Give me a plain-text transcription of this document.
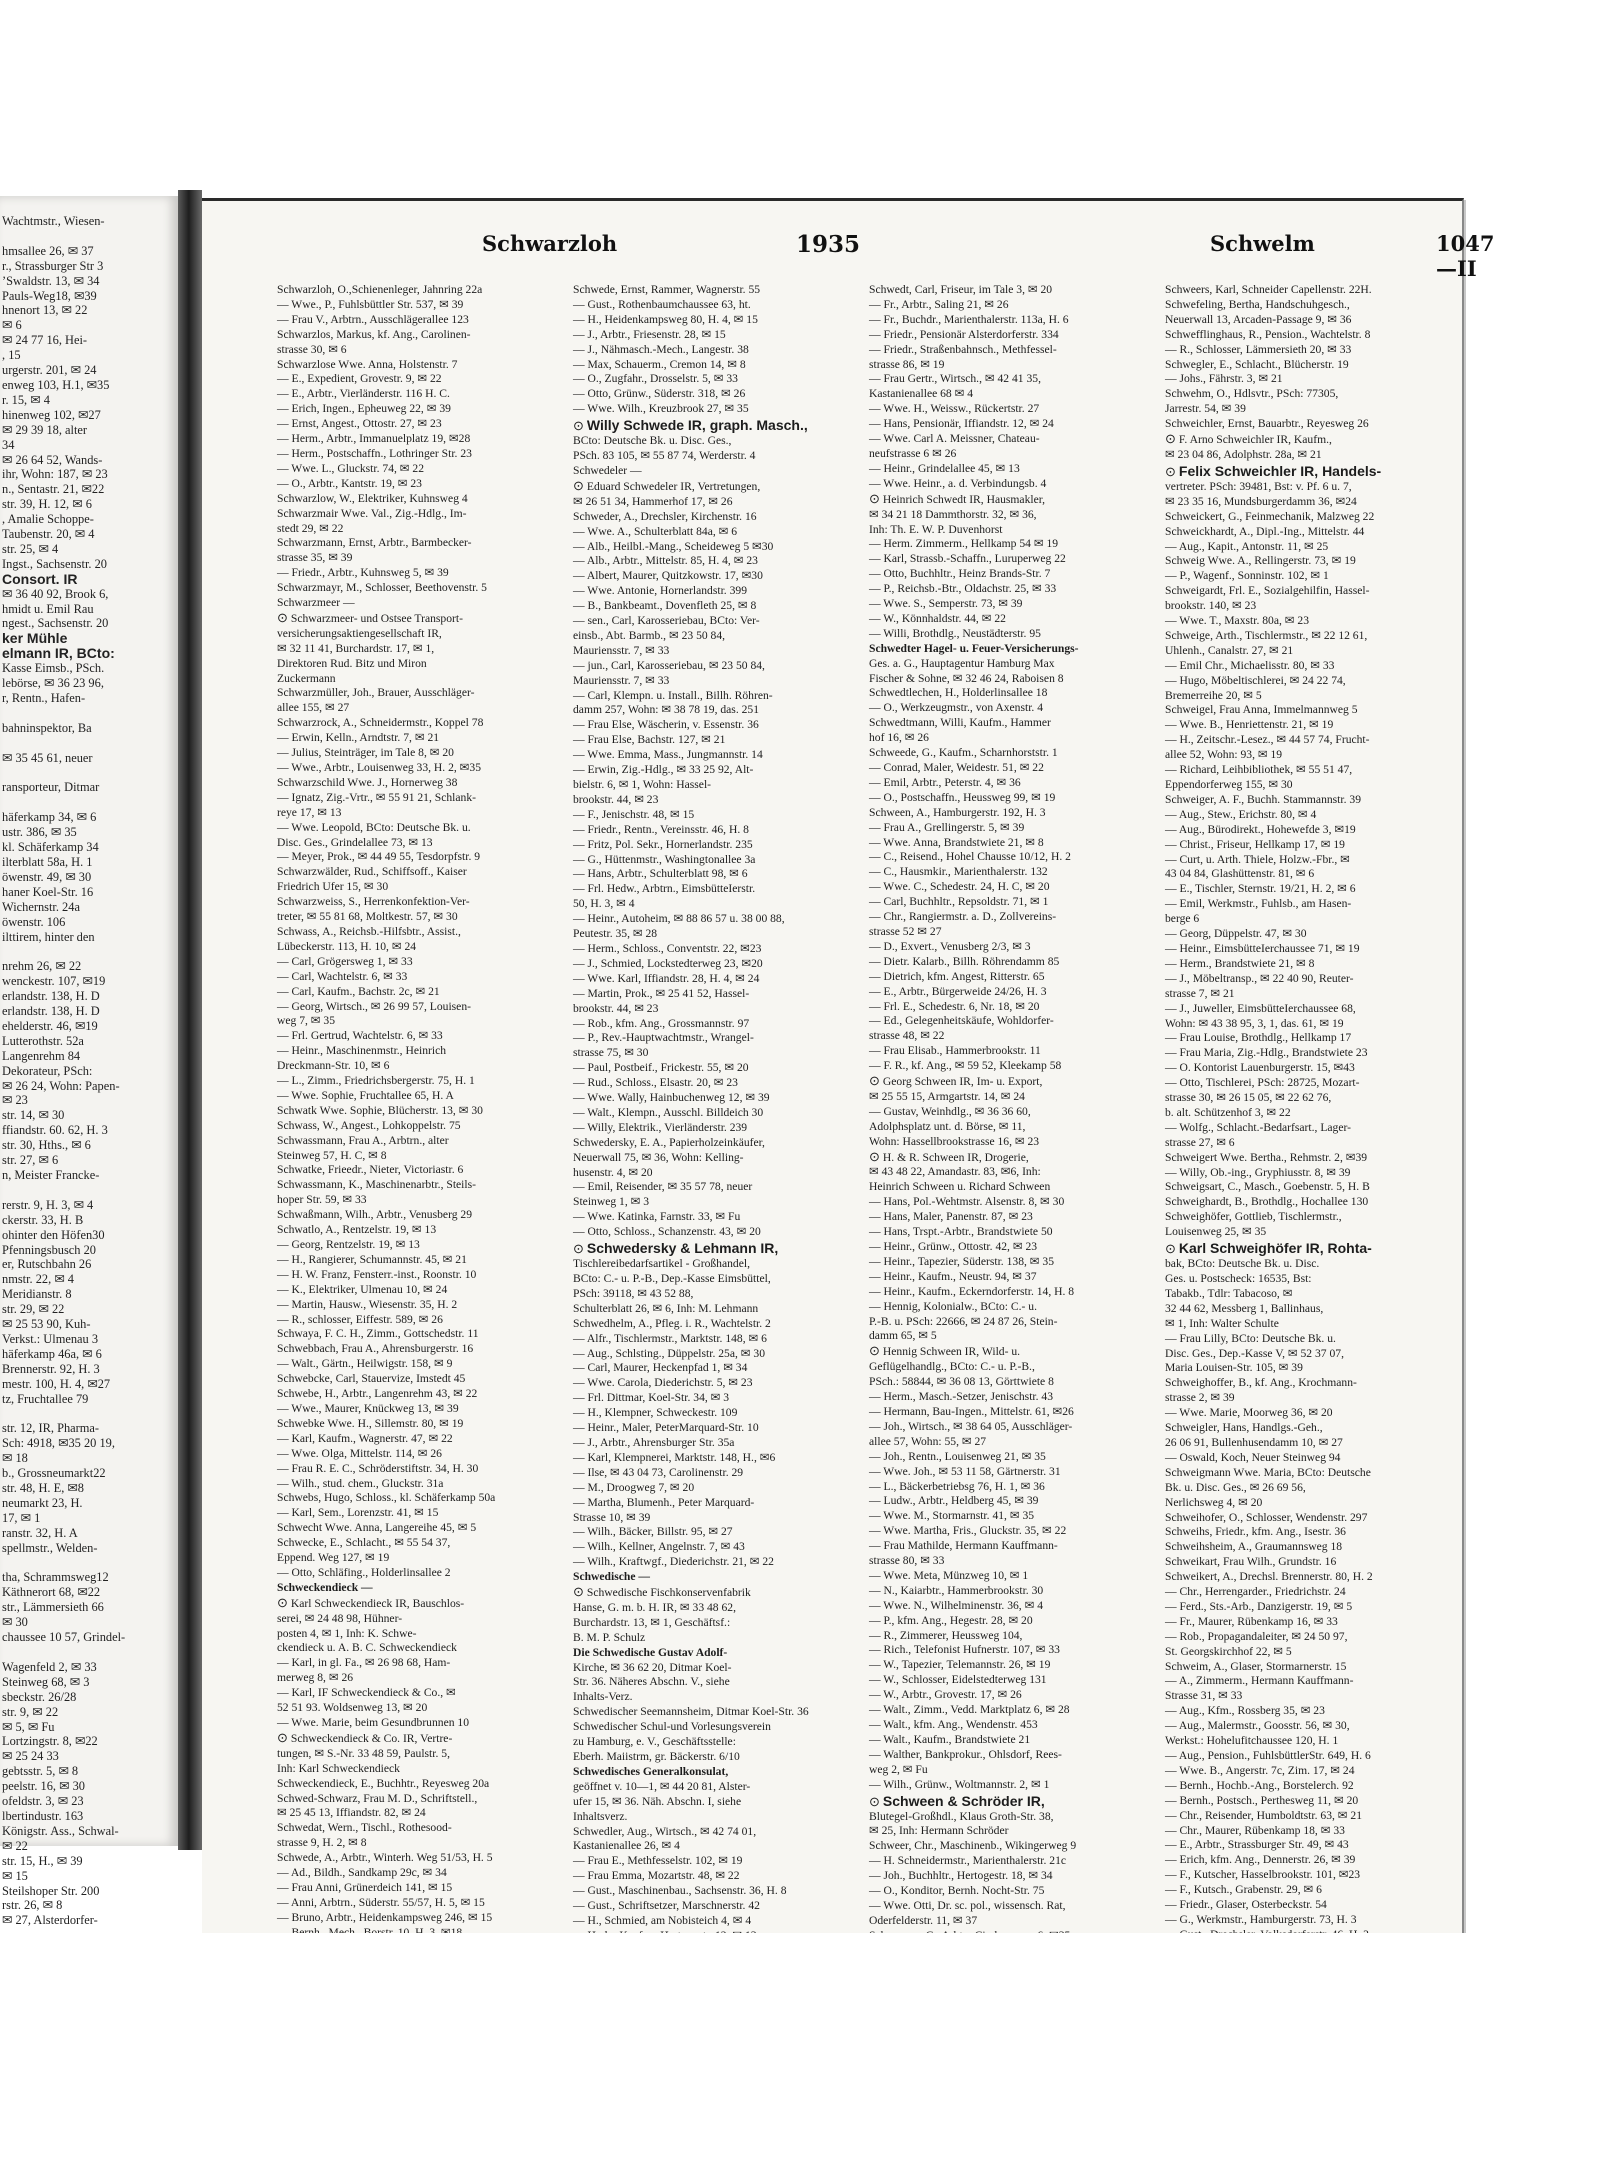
Wachtmstr., Wiesen-

hmsallee 26, ✉ 37
r., Strassburger Str 3
’Swaldstr. 13, ✉ 34
Pauls-Weg18, ✉39
hnenort 13, ✉ 22
✉ 6
✉ 24 77 16, Hei-
, 15
urgerstr. 201, ✉ 24
enweg 103, H.1, ✉35
r. 15, ✉ 4
hinenweg 102, ✉27
✉ 29 39 18, alter
34
✉ 26 64 52, Wands-
ihr, Wohn: 187, ✉ 23
n., Sentastr. 21, ✉22
str. 39, H. 12, ✉ 6
, Amalie Schoppe-
Taubenstr. 20, ✉ 4
str. 25, ✉ 4
Ingst., Sachsenstr. 20
Consort. IR
✉ 36 40 92, Brook 6,
hmidt u. Emil Rau
ngest., Sachsenstr. 20
ker Mühle
elmann IR, BCto:
Kasse Eimsb., PSch.
lebörse, ✉ 36 23 96,
r, Rentn., Hafen-

bahninspektor, Ba

✉ 35 45 61, neuer

ransporteur, Ditmar

häferkamp 34, ✉ 6
ustr. 386, ✉ 35
kl. Schäferkamp 34
ilterblatt 58a, H. 1
öwenstr. 49, ✉ 30
haner Koel-Str. 16
Wichernstr. 24a
öwenstr. 106
ilttirem, hinter den

nrehm 26, ✉ 22
wenckestr. 107, ✉19
erlandstr. 138, H. D
erlandstr. 138, H. D
ehelderstr. 46, ✉19
Lutterothstr. 52a
Langenrehm 84
Dekorateur, PSch:
✉ 26 24, Wohn: Papen-
✉ 23
str. 14, ✉ 30
ffiandstr. 60. 62, H. 3
str. 30, Hths., ✉ 6
str. 27, ✉ 6
n, Meister Francke-

rerstr. 9, H. 3, ✉ 4
ckerstr. 33, H. B
ohinter den Höfen30
Pfenningsbusch 20
er, Rutschbahn 26
nmstr. 22, ✉ 4
Meridianstr. 8
str. 29, ✉ 22
✉ 25 53 90, Kuh-
Verkst.: Ulmenau 3
häferkamp 46a, ✉ 6
Brennerstr. 92, H. 3
mestr. 100, H. 4, ✉27
tz, Fruchtallee 79

str. 12, IR, Pharma-
Sch: 4918, ✉35 20 19,
✉ 18
b., Grossneumarkt22
str. 48, H. E, ✉8
neumarkt 23, H.
17, ✉ 1
ranstr. 32, H. A
spellmstr., Welden-

tha, Schrammsweg12
Käthnerort 68, ✉22
str., Lämmersieth 66
✉ 30
chaussee 10 57, Grindel-

Wagenfeld 2, ✉ 33
Steinweg 68, ✉ 3
sbeckstr. 26/28
str. 9, ✉ 22
✉ 5, ✉ Fu
Lortzingstr. 8, ✉22
✉ 25 24 33
gebtsstr. 5, ✉ 8
peelstr. 16, ✉ 30
ofeldstr. 3, ✉ 23
lbertindustr. 163
Königstr. Ass., Schwal-
✉ 22
str. 15, H., ✉ 39
✉ 15
Steilshoper Str. 200
rstr. 26, ✉ 8
✉ 27, Alsterdorfer-
Schwarzloh	1935	Schwelm	1047—II
Schwarzloh, O.,Schienenleger, Jahnring 22a
— Wwe., P., Fuhlsbüttler Str. 537, ✉ 39
— Frau V., Arbtrn., Ausschlägerallee 123
Schwarzlos, Markus, kf. Ang., Carolinen-
strasse 30, ✉ 6
Schwarzlose Wwe. Anna, Holstenstr. 7
— E., Expedient, Grovestr. 9, ✉ 22
— E., Arbtr., Vierländerstr. 116 H. C.
— Erich, Ingen., Epheuweg 22, ✉ 39
— Ernst, Angest., Ottostr. 27, ✉ 23
— Herm., Arbtr., Immanuelplatz 19, ✉28
— Herm., Postschaffn., Lothringer Str. 23
— Wwe. L., Gluckstr. 74, ✉ 22
— O., Arbtr., Kantstr. 19, ✉ 23
Schwarzlow, W., Elektriker, Kuhnsweg 4
Schwarzmair Wwe. Val., Zig.-Hdlg., Im-
stedt 29, ✉ 22
Schwarzmann, Ernst, Arbtr., Barmbecker-
strasse 35, ✉ 39
— Friedr., Arbtr., Kuhnsweg 5, ✉ 39
Schwarzmayr, M., Schlosser, Beethovenstr. 5
Schwarzmeer —
⊙ Schwarzmeer- und Ostsee Transport-
versicherungsaktiengesellschaft IR,
✉ 32 11 41, Burchardstr. 17, ✉ 1,
Direktoren Rud. Bitz und Miron
Zuckermann
Schwarzmüller, Joh., Brauer, Ausschläger-
allee 155, ✉ 27
Schwarzrock, A., Schneidermstr., Koppel 78
— Erwin, Kelln., Arndtstr. 7, ✉ 21
— Julius, Steinträger, im Tale 8, ✉ 20
— Wwe., Arbtr., Louisenweg 33, H. 2, ✉35
Schwarzschild Wwe. J., Hornerweg 38
— Ignatz, Zig.-Vrtr., ✉ 55 91 21, Schlank-
reye 17, ✉ 13
— Wwe. Leopold, BCto: Deutsche Bk. u.
Disc. Ges., Grindelallee 73, ✉ 13
— Meyer, Prok., ✉ 44 49 55, Tesdorpfstr. 9
Schwarzwälder, Rud., Schiffsoff., Kaiser
Friedrich Ufer 15, ✉ 30
Schwarzweiss, S., Herrenkonfektion-Ver-
treter, ✉ 55 81 68, Moltkestr. 57, ✉ 30
Schwass, A., Reichsb.-Hilfsbtr., Assist.,
Lübeckerstr. 113, H. 10, ✉ 24
— Carl, Grögersweg 1, ✉ 33
— Carl, Wachtelstr. 6, ✉ 33
— Carl, Kaufm., Bachstr. 2c, ✉ 21
— Georg, Wirtsch., ✉ 26 99 57, Louisen-
weg 7, ✉ 35
— Frl. Gertrud, Wachtelstr. 6, ✉ 33
— Heinr., Maschinenmstr., Heinrich
Dreckmann-Str. 10, ✉ 6
— L., Zimm., Friedrichsbergerstr. 75, H. 1
— Wwe. Sophie, Fruchtallee 65, H. A
Schwatk Wwe. Sophie, Blücherstr. 13, ✉ 30
Schwass, W., Angest., Lohkoppelstr. 75
Schwassmann, Frau A., Arbtrn., alter
Steinweg 57, H. C, ✉ 8
Schwatke, Frieedr., Nieter, Victoriastr. 6
Schwassmann, K., Maschinenarbtr., Steils-
hoper Str. 59, ✉ 33
Schwaßmann, Wilh., Arbtr., Venusberg 29
Schwatlo, A., Rentzelstr. 19, ✉ 13
— Georg, Rentzelstr. 19, ✉ 13
— H., Rangierer, Schumannstr. 45, ✉ 21
— H. W. Franz, Fensterr.-inst., Roonstr. 10
— K., Elektriker, Ulmenau 10, ✉ 24
— Martin, Hausw., Wiesenstr. 35, H. 2
— R., schlosser, Eiffestr. 589, ✉ 26
Schwaya, F. C. H., Zimm., Gottschedstr. 11
Schwebbach, Frau A., Ahrensburgerstr. 16
— Walt., Gärtn., Heilwigstr. 158, ✉ 9
Schwebcke, Carl, Stauervize, Imstedt 45
Schwebe, H., Arbtr., Langenrehm 43, ✉ 22
— Wwe., Maurer, Knückweg 13, ✉ 39
Schwebke Wwe. H., Sillemstr. 80, ✉ 19
— Karl, Kaufm., Wagnerstr. 47, ✉ 22
— Wwe. Olga, Mittelstr. 114, ✉ 26
— Frau R. E. C., Schröderstiftstr. 34, H. 30
— Wilh., stud. chem., Gluckstr. 31a
Schwebs, Hugo, Schloss., kl. Schäferkamp 50a
— Karl, Sem., Lorenzstr. 41, ✉ 15
Schwecht Wwe. Anna, Langereihe 45, ✉ 5
Schwecke, E., Schlacht., ✉ 55 54 37,
Eppend. Weg 127, ✉ 19
— Otto, Schläfing., Holderlinsallee 2
Schweckendieck —
⊙ Karl Schweckendieck IR, Bauschlos-
serei, ✉ 24 48 98, Hühner-
posten 4, ✉ 1, Inh: K. Schwe-
ckendieck u. A. B. C. Schweckendieck
— Karl, in gl. Fa., ✉ 26 98 68, Ham-
merweg 8, ✉ 26
— Karl, IF Schweckendieck & Co., ✉
52 51 93. Woldsenweg 13, ✉ 20
— Wwe. Marie, beim Gesundbrunnen 10
⊙ Schweckendieck & Co. IR, Vertre-
tungen, ✉ S.-Nr. 33 48 59, Paulstr. 5,
Inh: Karl Schweckendieck
Schweckendieck, E., Buchhtr., Reyesweg 20a
Schwed-Schwarz, Frau M. D., Schriftstell.,
✉ 25 45 13, Iffiandstr. 82, ✉ 24
Schwedat, Wern., Tischl., Rothesood-
strasse 9, H. 2, ✉ 8
Schwede, A., Arbtr., Winterh. Weg 51/53, H. 5
— Ad., Bildh., Sandkamp 29c, ✉ 34
— Frau Anni, Grünerdeich 141, ✉ 15
— Anni, Arbtrn., Süderstr. 55/57, H. 5, ✉ 15
— Bruno, Arbtr., Heidenkampsweg 246, ✉ 15
Schwede, Ernst, Rammer, Wagnerstr. 55
— Gust., Rothenbaumchaussee 63, ht.
— H., Heidenkampsweg 80, H. 4, ✉ 15
— J., Arbtr., Friesenstr. 28, ✉ 15
— J., Nähmasch.-Mech., Langestr. 38
— Max, Schauerm., Cremon 14, ✉ 8
— O., Zugfahr., Drosselstr. 5, ✉ 33
— Otto, Grünw., Süderstr. 318, ✉ 26
— Wwe. Wilh., Kreuzbrook 27, ✉ 35
⊙ Willy Schwede IR, graph. Masch.,
BCto: Deutsche Bk. u. Disc. Ges.,
PSch. 83 105, ✉ 55 87 74, Werderstr. 4
Schwedeler —
⊙ Eduard Schwedeler IR, Vertretungen,
✉ 26 51 34, Hammerhof 17, ✉ 26
Schweder, A., Drechsler, Kirchenstr. 16
— Wwe. A., Schulterblatt 84a, ✉ 6
— Alb., Heilbl.-Mang., Scheideweg 5 ✉30
— Alb., Arbtr., Mittelstr. 85, H. 4, ✉ 23
— Albert, Maurer, Quitzkowstr. 17, ✉30
— Wwe. Antonie, Hornerlandstr. 399
— B., Bankbeamt., Dovenfleth 25, ✉ 8
— sen., Carl, Karosseriebau, BCto: Ver-
einsb., Abt. Barmb., ✉ 23 50 84,
Mauriensstr. 7, ✉ 33
— jun., Carl, Karosseriebau, ✉ 23 50 84,
Mauriensstr. 7, ✉ 33
— Carl, Klempn. u. Install., Billh. Röhren-
damm 257, Wohn: ✉ 38 78 19, das. 251
— Frau Else, Wäscherin, v. Essenstr. 36
— Frau Else, Bachstr. 127, ✉ 21
— Wwe. Emma, Mass., Jungmannstr. 14
— Erwin, Zig.-Hdlg., ✉ 33 25 92, Alt-
bielstr. 6, ✉ 1, Wohn: Hassel-
brookstr. 44, ✉ 23
— F., Jenischstr. 48, ✉ 15
— Friedr., Rentn., Vereinsstr. 46, H. 8
— Fritz, Pol. Sekr., Hornerlandstr. 235
— G., Hüttenmstr., Washingtonallee 3a
— Hans, Arbtr., Schulterblatt 98, ✉ 6
— Frl. Hedw., Arbtrn., EimsbütteIerstr.
50, H. 3, ✉ 4
— Heinr., Autoheim, ✉ 88 86 57 u. 38 00 88,
Peutestr. 35, ✉ 28
— Herm., Schloss., Conventstr. 22, ✉23
— J., Schmied, Lockstedterweg 23, ✉20
— Wwe. Karl, Iffiandstr. 28, H. 4, ✉ 24
— Martin, Prok., ✉ 25 41 52, Hassel-
brookstr. 44, ✉ 23
— Rob., kfm. Ang., Grossmannstr. 97
— P., Rev.-Hauptwachtmstr., Wrangel-
strasse 75, ✉ 30
— Paul, Postbeif., Frickestr. 55, ✉ 20
— Rud., Schloss., Elsastr. 20, ✉ 23
— Wwe. Wally, Hainbuchenweg 12, ✉ 39
— Walt., Klempn., Ausschl. Billdeich 30
— Willy, Elektrik., Vierländerstr. 239
Schwedersky, E. A., Papierholzeinkäufer,
Neuerwall 75, ✉ 36, Wohn: Kelling-
husenstr. 4, ✉ 20
— Emil, Reisender, ✉ 35 57 78, neuer
Steinweg 1, ✉ 3
— Wwe. Katinka, Farnstr. 33, ✉ Fu
— Otto, Schloss., Schanzenstr. 43, ✉ 20
⊙ Schwedersky & Lehmann IR,
Tischlereibedarfsartikel - Großhandel,
BCto: C.- u. P.-B., Dep.-Kasse Eimsbüttel,
PSch: 39118, ✉ 43 52 88,
Schulterblatt 26, ✉ 6, Inh: M. Lehmann
Schwedhelm, A., Pfleg. i. R., Wachtelstr. 2
— Alfr., Tischlermstr., Marktstr. 148, ✉ 6
— Aug., Schlsting., Düppelstr. 25a, ✉ 30
— Carl, Maurer, Heckenpfad 1, ✉ 34
— Wwe. Carola, Diederichstr. 5, ✉ 23
— Frl. Dittmar, Koel-Str. 34, ✉ 3
— H., Klempner, Schweckestr. 109
— Heinr., Maler, PeterMarquard-Str. 10
— J., Arbtr., Ahrensburger Str. 35a
— Karl, Klempnerei, Marktstr. 148, H., ✉6
— Ilse, ✉ 43 04 73, Carolinenstr. 29
— M., Droogweg 7, ✉ 20
— Martha, Blumenh., Peter Marquard-
Strasse 10, ✉ 39
— Wilh., Bäcker, Billstr. 95, ✉ 27
— Wilh., Kellner, Angelnstr. 7, ✉ 43
— Wilh., Kraftwgf., Diederichstr. 21, ✉ 22
Schwedische —
⊙ Schwedische Fischkonservenfabrik
Hanse, G. m. b. H. IR, ✉ 33 48 62,
Burchardstr. 13, ✉ 1, Geschäftsf.:
B. M. P. Schulz
Die Schwedische Gustav Adolf-
Kirche, ✉ 36 62 20, Ditmar Koel-
Str. 36. Näheres Abschn. V., siehe
Inhalts-Verz.
Schwedischer Seemannsheim, Ditmar Koel-Str. 36
Schwedischer Schul-und Vorlesungsverein
zu Hamburg, e. V., Geschäftsstelle:
Eberh. Maiistrm, gr. Bäckerstr. 6/10
Schwedisches Generalkonsulat,
geöffnet v. 10—1, ✉ 44 20 81, Alster-
ufer 15, ✉ 36. Näh. Abschn. I, siehe
Inhaltsverz.
Schwedler, Aug., Wirtsch., ✉ 42 74 01,
Kastanienallee 26, ✉ 4
— Frau E., Methfesselstr. 102, ✉ 19
— Frau Emma, Mozartstr. 48, ✉ 22
— Gust., Maschinenbau., Sachsenstr. 36, H. 8
— Gust., Schriftsetzer, Marschnerstr. 42
— H., Schmied, am Nobisteich 4, ✉ 4
Schwedt, Carl, Friseur, im Tale 3, ✉ 20
— Fr., Arbtr., Saling 21, ✉ 26
— Fr., Buchdr., Marienthalerstr. 113a, H. 6
— Friedr., Pensionär Alsterdorferstr. 334
— Friedr., Straßenbahnsch., Methfessel-
strasse 86, ✉ 19
— Frau Gertr., Wirtsch., ✉ 42 41 35,
Kastanienallee 68 ✉ 4
— Wwe. H., Weissw., Rückertstr. 27
— Hans, Pensionär, Iffiandstr. 12, ✉ 24
— Wwe. Carl A. Meissner, Chateau-
neufstrasse 6 ✉ 26
— Heinr., Grindelallee 45, ✉ 13
— Wwe. Heinr., a. d. Verbindungsb. 4
⊙ Heinrich Schwedt IR, Hausmakler,
✉ 34 21 18 Dammthorstr. 32, ✉ 36,
Inh: Th. E. W. P. Duvenhorst
— Herm. Zimmerm., Hellkamp 54 ✉ 19
— Karl, Strassb.-Schaffn., Luruperweg 22
— Otto, Buchhltr., Heinz Brands-Str. 7
— P., Reichsb.-Btr., Oldachstr. 25, ✉ 33
— Wwe. S., Semperstr. 73, ✉ 39
— W., Könnhaldstr. 44, ✉ 22
— Willi, Brothdlg., Neustädterstr. 95
Schwedter Hagel- u. Feuer-Versicherungs-
Ges. a. G., Hauptagentur Hamburg Max
Fischer & Sohne, ✉ 32 46 24, Raboisen 8
Schwedtlechen, H., Holderlinsallee 18
— O., Werkzeugmstr., von Axenstr. 4
Schwedtmann, Willi, Kaufm., Hammer
hof 16, ✉ 26
Schweede, G., Kaufm., Scharnhorststr. 1
— Conrad, Maler, Weidestr. 51, ✉ 22
— Emil, Arbtr., Peterstr. 4, ✉ 36
— O., Postschaffn., Heussweg 99, ✉ 19
Schween, A., Hamburgerstr. 192, H. 3
— Frau A., Grellingerstr. 5, ✉ 39
— Wwe. Anna, Brandstwiete 21, ✉ 8
— C., Reisend., Hohel Chausse 10/12, H. 2
— C., Hausmkir., Marienthalerstr. 132
— Wwe. C., Schedestr. 24, H. C, ✉ 20
— Carl, Buchhltr., Repsoldstr. 71, ✉ 1
— Chr., Rangiermstr. a. D., Zollvereins-
strasse 52 ✉ 27
— D., Exvert., Venusberg 2/3, ✉ 3
— Dietr. Kalarb., Billh. Röhrendamm 85
— Dietrich, kfm. Angest, Ritterstr. 65
— E., Arbtr., Bürgerweide 24/26, H. 3
— Frl. E., Schedestr. 6, Nr. 18, ✉ 20
— Ed., Gelegenheitskäufe, Wohldorfer-
strasse 48, ✉ 22
— Frau Elisab., Hammerbrookstr. 11
— F. R., kf. Ang., ✉ 59 52, Kleekamp 58
⊙ Georg Schween IR, Im- u. Export,
✉ 25 55 15, Armgartstr. 14, ✉ 24
— Gustav, Weinhdlg., ✉ 36 36 60,
Adolphsplatz unt. d. Börse, ✉ 11,
Wohn: Hassellbrookstrasse 16, ✉ 23
⊙ H. & R. Schween IR, Drogerie,
✉ 43 48 22, Amandastr. 83, ✉6, Inh:
Heinrich Schween u. Richard Schween
— Hans, Pol.-Wehtmstr. Alsenstr. 8, ✉ 30
— Hans, Maler, Panenstr. 87, ✉ 23
— Hans, Trspt.-Arbtr., Brandstwiete 50
— Heinr., Grünw., Ottostr. 42, ✉ 23
— Heinr., Tapezier, Süderstr. 138, ✉ 35
— Heinr., Kaufm., Neustr. 94, ✉ 37
— Heinr., Kaufm., Eckerndorferstr. 14, H. 8
— Hennig, Kolonialw., BCto: C.- u.
P.-B. u. PSch: 22666, ✉ 24 87 26, Stein-
damm 65, ✉ 5
⊙ Hennig Schween IR, Wild- u.
Geflügelhandlg., BCto: C.- u. P.-B.,
PSch.: 58844, ✉ 36 08 13, Görttwiete 8
— Herm., Masch.-Setzer, Jenischstr. 43
— Hermann, Bau-Ingen., Mittelstr. 61, ✉26
— Joh., Wirtsch., ✉ 38 64 05, Ausschläger-
allee 57, Wohn: 55, ✉ 27
— Joh., Rentn., Louisenweg 21, ✉ 35
— Wwe. Joh., ✉ 53 11 58, Gärtnerstr. 31
— L., Bäckerbetriebsg 76, H. 1, ✉ 36
— Ludw., Arbtr., Heldberg 45, ✉ 39
— Wwe. M., Stormarnstr. 41, ✉ 35
— Wwe. Martha, Fris., Gluckstr. 35, ✉ 22
— Frau Mathilde, Hermann Kauffmann-
strasse 80, ✉ 33
— Wwe. Meta, Münzweg 10, ✉ 1
— N., Kaiarbtr., Hammerbrookstr. 30
— Wwe. N., Wilhelminenstr. 36, ✉ 4
— P., kfm. Ang., Hegestr. 28, ✉ 20
— R., Zimmerer, Heussweg 104,
— Rich., Telefonist Hufnerstr. 107, ✉ 33
— W., Tapezier, Telemannstr. 26, ✉ 19
— W., Schlosser, Eidelstedterweg 131
— W., Arbtr., Grovestr. 17, ✉ 26
— Walt., Zimm., Vedd. Marktplatz 6, ✉ 28
— Walt., kfm. Ang., Wendenstr. 453
— Walt., Kaufm., Brandstwiete 21
— Walther, Bankprokur., Ohlsdorf, Rees-
weg 2, ✉ Fu
— Wilh., Grünw., Woltmannstr. 2, ✉ 1
⊙ Schween & Schröder IR,
Blutegel-Großhdl., Klaus Groth-Str. 38,
✉ 25, Inh: Hermann Schröder
Schweer, Chr., Maschinenb., Wikingerweg 9
— H. Schneidermstr., Marienthalerstr. 21c
— Joh., Buchhltr., Hertogestr. 18, ✉ 34
— O., Konditor, Bernh. Nocht-Str. 75
— Wwe. Otti, Dr. sc. pol., wissensch. Rat,
Oderfelderstr. 11, ✉ 37
Schweers, Karl, Schneider Capellenstr. 22H.
Schwefeling, Bertha, Handschuhgesch.,
Neuerwall 13, Arcaden-Passage 9, ✉ 36
Schwefflinghaus, R., Pension., Wachtelstr. 8
— R., Schlosser, Lämmersieth 20, ✉ 33
Schwegler, E., Schlacht., Blücherstr. 19
— Johs., Fährstr. 3, ✉ 21
Schwehm, O., Hdlsvtr., PSch: 77305,
Jarrestr. 54, ✉ 39
Schweichler, Ernst, Bauarbtr., Reyesweg 26
⊙ F. Arno Schweichler IR, Kaufm.,
✉ 23 04 86, Adolphstr. 28a, ✉ 21
⊙ Felix Schweichler IR, Handels-
vertreter. PSch: 39481, Bst: v. Pf. 6 u. 7,
✉ 23 35 16, Mundsburgerdamm 36, ✉24
Schweickert, G., Feinmechanik, Malzweg 22
Schweickhardt, A., Dipl.-Ing., Mittelstr. 44
— Aug., Kapit., Antonstr. 11, ✉ 25
Schweig Wwe. A., Rellingerstr. 73, ✉ 19
— P., Wagenf., Sonninstr. 102, ✉ 1
Schweigardt, Frl. E., Sozialgehilfin, Hassel-
brookstr. 140, ✉ 23
— Wwe. T., Maxstr. 80a, ✉ 23
Schweige, Arth., Tischlermstr., ✉ 22 12 61,
Uhlenh., Canalstr. 27, ✉ 21
— Emil Chr., Michaelisstr. 80, ✉ 33
— Hugo, Möbeltischlerei, ✉ 24 22 74,
Bremerreihe 20, ✉ 5
Schweigel, Frau Anna, Immelmannweg 5
— Wwe. B., Henriettenstr. 21, ✉ 19
— H., Zeitschr.-Lesez., ✉ 44 57 74, Frucht-
allee 52, Wohn: 93, ✉ 19
— Richard, Leihbibliothek, ✉ 55 51 47,
Eppendorferweg 155, ✉ 30
Schweiger, A. F., Buchh. Stammannstr. 39
— Aug., Stew., Erichstr. 80, ✉ 4
— Aug., Bürodirekt., Hohewefde 3, ✉19
— Christ., Friseur, Hellkamp 17, ✉ 19
— Curt, u. Arth. Thiele, Holzw.-Fbr., ✉
43 04 84, Glashüttenstr. 81, ✉ 6
— E., Tischler, Sternstr. 19/21, H. 2, ✉ 6
— Emil, Werkmstr., Fuhlsb., am Hasen-
berge 6
— Georg, Düppelstr. 47, ✉ 30
— Heinr., EimsbütteIerchaussee 71, ✉ 19
— Herm., Brandstwiete 21, ✉ 8
— J., Möbeltransp., ✉ 22 40 90, Reuter-
strasse 7, ✉ 21
— J., Juweller, EimsbütteIerchaussee 68,
Wohn: ✉ 43 38 95, 3, 1, das. 61, ✉ 19
— Frau Louise, Brothdlg., Hellkamp 17
— Frau Maria, Zig.-Hdlg., Brandstwiete 23
— O. Kontorist Lauenburgerstr. 15, ✉43
— Otto, Tischlerei, PSch: 28725, Mozart-
strasse 30, ✉ 26 15 05, ✉ 22 62 76,
b. alt. Schützenhof 3, ✉ 22
— Wolfg., Schlacht.-Bedarfsart., Lager-
strasse 27, ✉ 6
Schweigert Wwe. Bertha., Rehmstr. 2, ✉39
— Willy, Ob.-ing., Gryphiusstr. 8, ✉ 39
Schweigsart, C., Masch., Goebenstr. 5, H. B
Schweighardt, B., Brothdlg., Hochallee 130
Schweighöfer, Gottlieb, Tischlermstr.,
Louisenweg 25, ✉ 35
⊙ Karl Schweighöfer IR, Rohta-
bak, BCto: Deutsche Bk. u. Disc.
Ges. u. Postscheck: 16535, Bst:
Tabakb., Tdlr: Tabacoso, ✉
32 44 62, Messberg 1, Ballinhaus,
✉ 1, Inh: Walter Schulte
— Frau Lilly, BCto: Deutsche Bk. u.
Disc. Ges., Dep.-Kasse V, ✉ 52 37 07,
Maria Louisen-Str. 105, ✉ 39
Schweighoffer, B., kf. Ang., Krochmann-
strasse 2, ✉ 39
— Wwe. Marie, Moorweg 36, ✉ 20
Schweigler, Hans, Handlgs.-Geh.,
26 06 91, Bullenhusendamm 10, ✉ 27
— Oswald, Koch, Neuer Steinweg 94
Schweigmann Wwe. Maria, BCto: Deutsche
Bk. u. Disc. Ges., ✉ 26 69 56,
Nerlichsweg 4, ✉ 20
Schweihofer, O., Schlosser, Wendenstr. 297
Schweihs, Friedr., kfm. Ang., Isestr. 36
Schweihsheim, A., Graumannsweg 18
Schweikart, Frau Wilh., Grundstr. 16
Schweikert, A., Drechsl. Brennerstr. 80, H. 2
— Chr., Herrengarder., Friedrichstr. 24
— Ferd., Sts.-Arb., Danzigerstr. 19, ✉ 5
— Fr., Maurer, Rübenkamp 16, ✉ 33
— Rob., Propagandaleiter, ✉ 24 50 97,
St. Georgskirchhof 22, ✉ 5
Schweim, A., Glaser, Stormarnerstr. 15
— A., Zimmerm., Hermann Kauffmann-
Strasse 31, ✉ 33
— Aug., Kfm., Rossberg 35, ✉ 23
— Aug., Malermstr., Goosstr. 56, ✉ 30,
Werkst.: Hohelufitchaussee 120, H. 1
— Aug., Pension., FuhlsbüttlerStr. 649, H. 6
— Wwe. B., Angerstr. 7c, Zim. 17, ✉ 24
— Bernh., Hochb.-Ang., Borstelerch. 92
— Bernh., Postsch., Perthesweg 11, ✉ 20
— Chr., Reisender, Humboldtstr. 63, ✉ 21
— Chr., Maurer, Rübenkamp 18, ✉ 33
— E., Arbtr., Strassburger Str. 49, ✉ 43
— Erich, kfm. Ang., Dennerstr. 26, ✉ 39
— F., Kutscher, Hasselbrookstr. 101, ✉23
— F., Kutsch., Grabenstr. 29, ✉ 6
— Friedr., Glaser, Osterbeckstr. 54
— G., Werkmstr., Hamburgerstr. 73, H. 3
